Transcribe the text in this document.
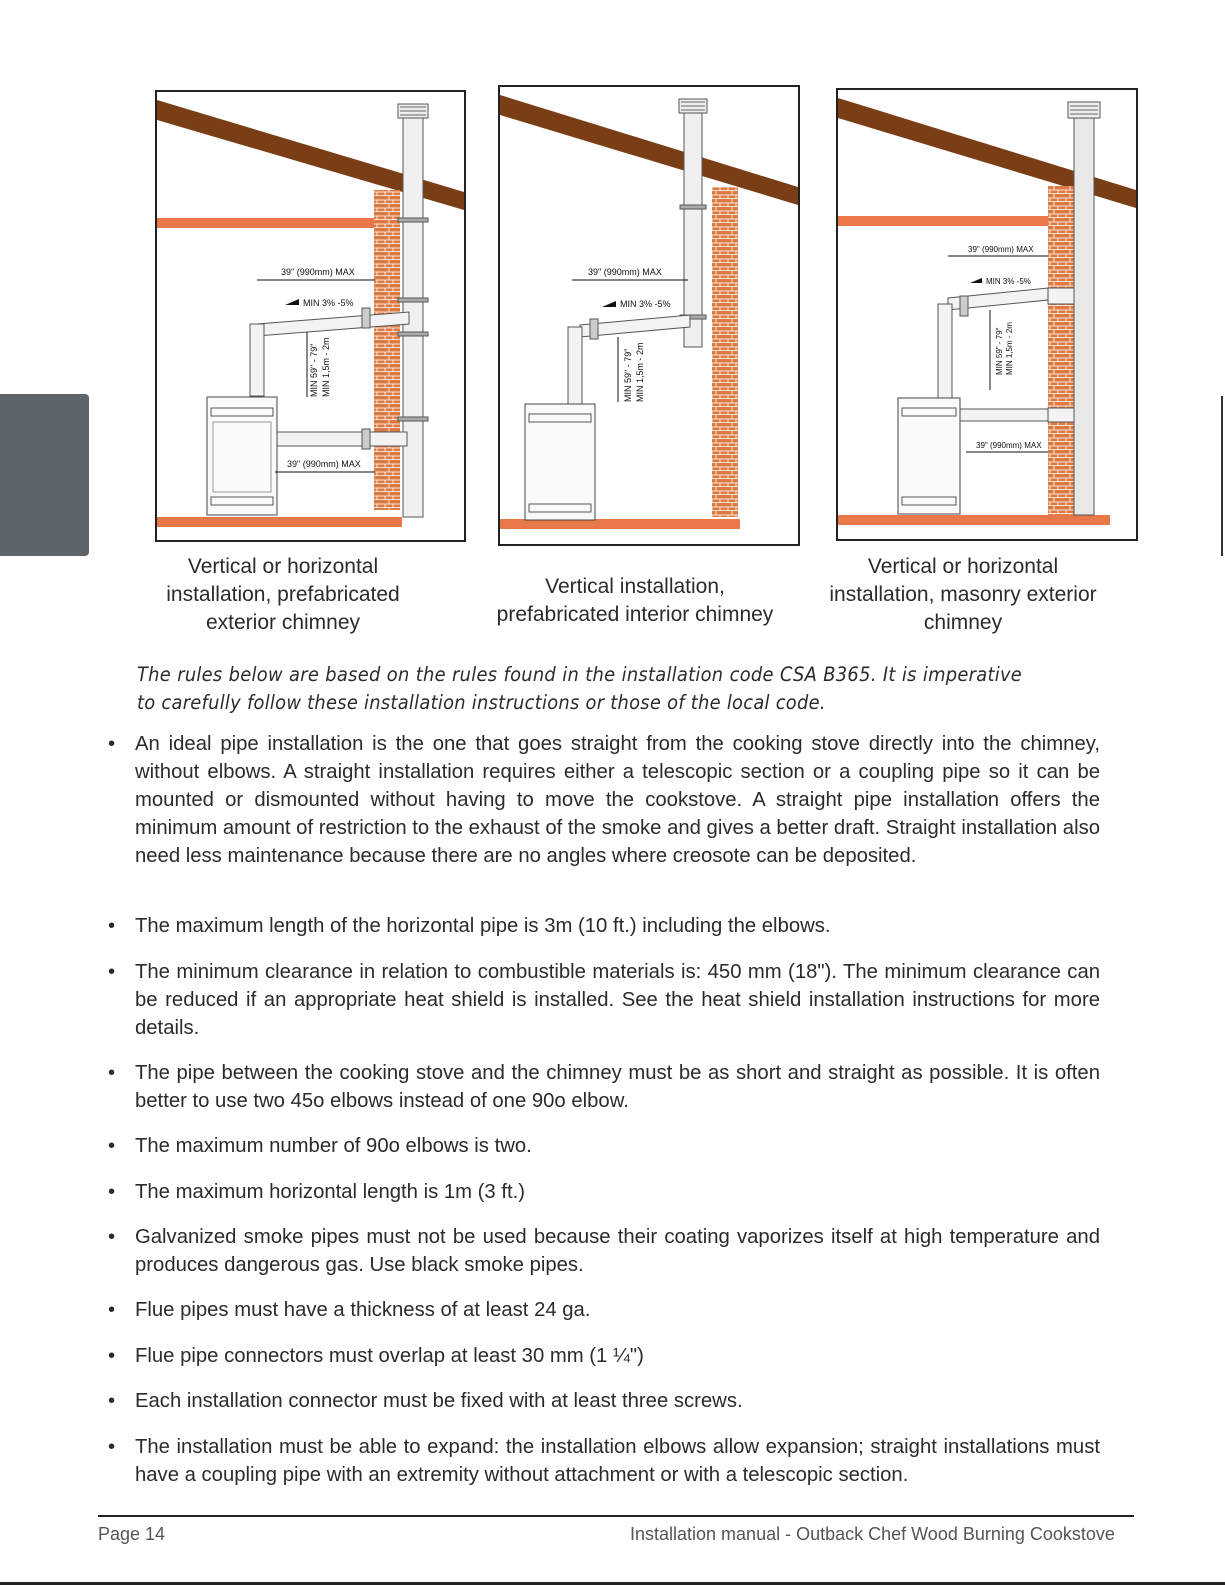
39" (990mm) MAX
MIN 3% -5%
MIN 59" - 79" MIN 1,5m - 2m
39" (990mm) MAX
39" (990mm) MAX
MIN 3% -5%
MIN 59" - 79" MIN 1,5m - 2m
39" (990mm) MAX
MIN 3% -5%
MIN 59" - 79" MIN 1,5m - 2m
39" (990mm) MAX
Vertical or horizontal
installation, prefabricated
exterior chimney
Vertical installation,
prefabricated interior chimney
Vertical or horizontal
installation, masonry exterior
chimney
The rules below are based on the rules found in the installation code CSA B365. It is imperative to carefully follow these installation instructions or those of the local code.
• An ideal pipe installation is the one that goes straight from the cooking stove directly into the chimney, without elbows. A straight installation requires either a telescopic section or a coupling pipe so it can be mounted or dismounted without having to move the cookstove. A straight pipe installation offers the minimum amount of restriction to the exhaust of the smoke and gives a better draft. Straight installation also need less maintenance because there are no angles where creosote can be deposited.
• The maximum length of the horizontal pipe is 3m (10 ft.) including the elbows.
• The minimum clearance in relation to combustible materials is: 450 mm (18"). The minimum clearance can be reduced if an appropriate heat shield is installed. See the heat shield installation instructions for more details.
• The pipe between the cooking stove and the chimney must be as short and straight as possible. It is often better to use two 45o elbows instead of one 90o elbow.
• The maximum number of 90o elbows is two.
• The maximum horizontal length is 1m (3 ft.)
• Galvanized smoke pipes must not be used because their coating vaporizes itself at high temperature and produces dangerous gas. Use black smoke pipes.
• Flue pipes must have a thickness of at least 24 ga.
• Flue pipe connectors must overlap at least 30 mm (1 ¼")
• Each installation connector must be fixed with at least three screws.
• The installation must be able to expand: the installation elbows allow expansion; straight installations must have a coupling pipe with an extremity without attachment or with a telescopic section.
Page 14	Installation manual - Outback Chef Wood Burning Cookstove
